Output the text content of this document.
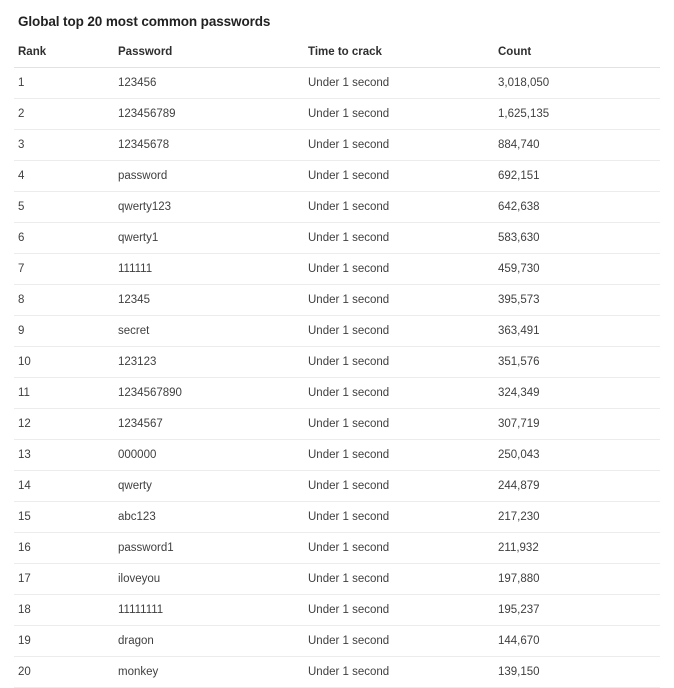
Global top 20 most common passwords
Rank	Password	Time to crack	Count
1	123456	Under 1 second	3,018,050
2	123456789	Under 1 second	1,625,135
3	12345678	Under 1 second	884,740
4	password	Under 1 second	692,151
5	qwerty123	Under 1 second	642,638
6	qwerty1	Under 1 second	583,630
7	111111	Under 1 second	459,730
8	12345	Under 1 second	395,573
9	secret	Under 1 second	363,491
10	123123	Under 1 second	351,576
11	1234567890	Under 1 second	324,349
12	1234567	Under 1 second	307,719
13	000000	Under 1 second	250,043
14	qwerty	Under 1 second	244,879
15	abc123	Under 1 second	217,230
16	password1	Under 1 second	211,932
17	iloveyou	Under 1 second	197,880
18	11111111	Under 1 second	195,237
19	dragon	Under 1 second	144,670
20	monkey	Under 1 second	139,150
